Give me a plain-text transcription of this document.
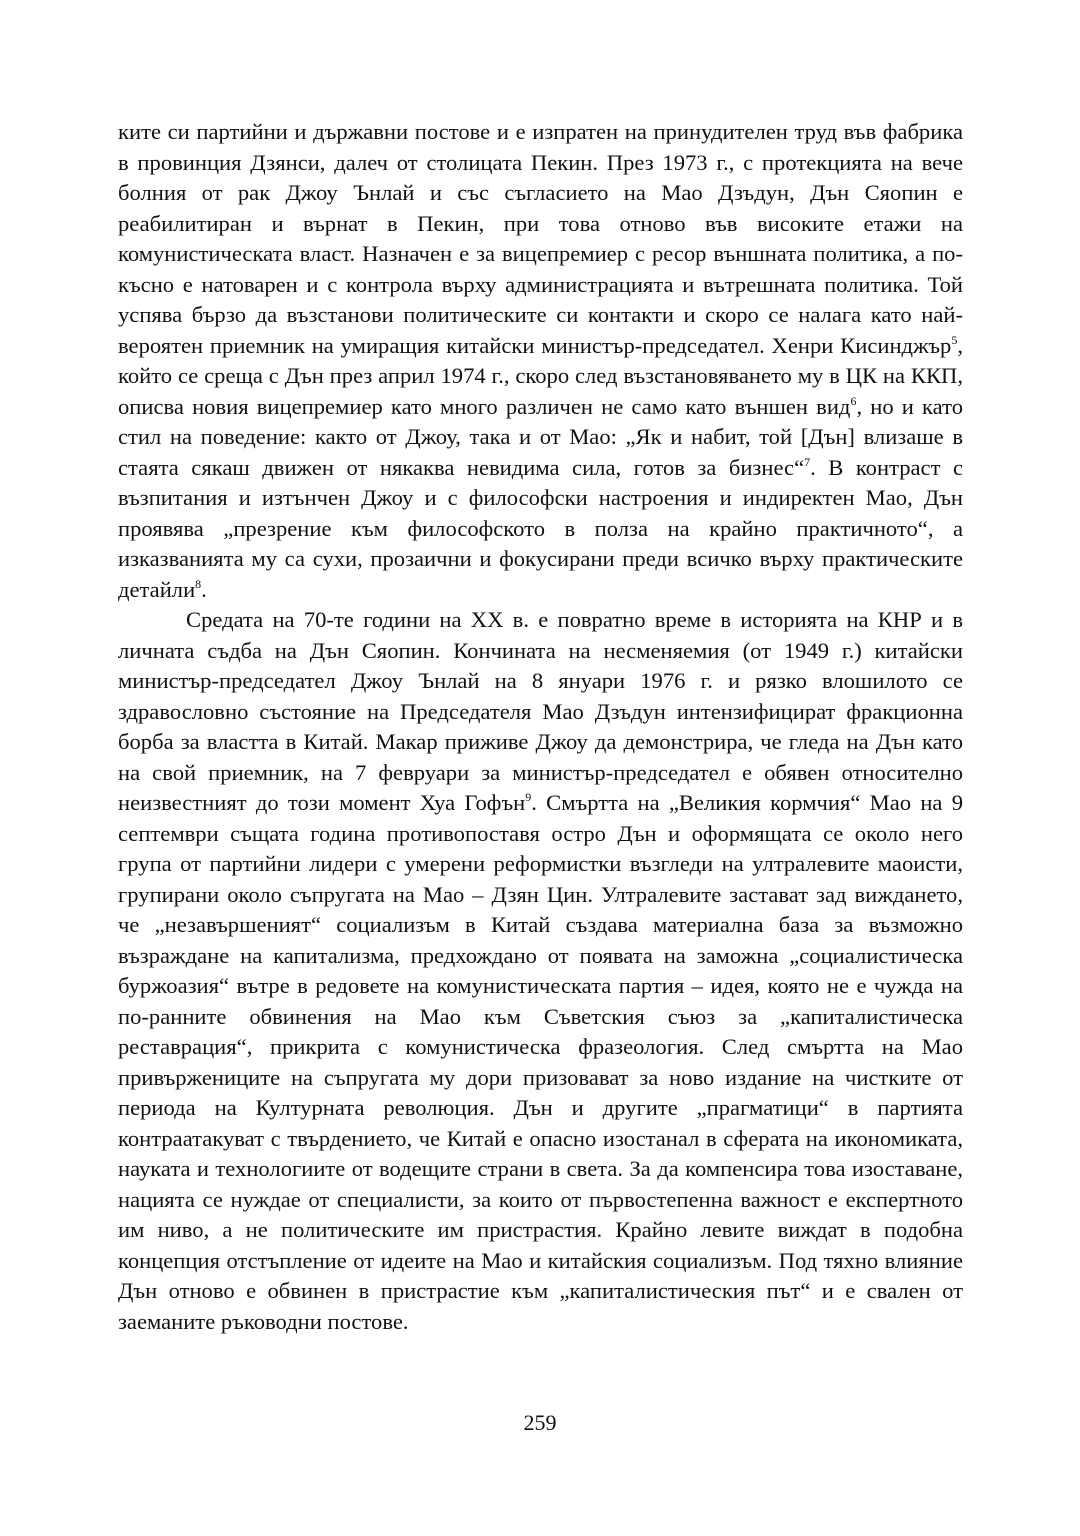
ките си партийни и държавни постове и е изпратен на принудителен труд във фабрика в провинция Дзянси, далеч от столицата Пекин. През 1973 г., с протекцията на вече болния от рак Джоу Ънлай и със съгласието на Мао Дзъдун, Дън Сяопин е реабилитиран и върнат в Пекин, при това отново във високите етажи на комунистическата власт. Назначен е за вицепремиер с ресор външната политика, а по-късно е натоварен и с контрола върху администрацията и вътрешната политика. Той успява бързо да възстанови политическите си контакти и скоро се налага като най-вероятен приемник на умиращия китайски министър-председател. Хенри Кисинджър$^5$, който се среща с Дън през април 1974 г., скоро след възстановяването му в ЦК на ККП, описва новия вицепремиер като много различен не само като външен вид$^6$, но и като стил на поведение: както от Джоу, така и от Мао: „Як и набит, той [Дън] влизаше в стаята сякаш движен от някаква невидима сила, готов за бизнес“$^7$. В контраст с възпитания и изтънчен Джоу и с философски настроения и индиректен Мао, Дън проявява „презрение към философското в полза на крайно практичното“, а изказванията му са сухи, прозаични и фокусирани преди всичко върху практическите детайли$^8$.

Средата на 70-те години на XX в. е повратно време в историята на КНР и в личната съдба на Дън Сяопин. Кончината на несменяемия (от 1949 г.) китайски министър-председател Джоу Ънлай на 8 януари 1976 г. и рязко влошилото се здравословно състояние на Председателя Мао Дзъдун интензифицират фракционна борба за властта в Китай. Макар приживе Джоу да демонстрира, че гледа на Дън като на свой приемник, на 7 февруари за министър-председател е обявен относително неизвестният до този момент Хуа Гофън$^9$. Смъртта на „Великия кормчия“ Мао на 9 септември същата година противопоставя остро Дън и оформящата се около него група от партийни лидери с умерени реформистки възгледи на ултралевите маоисти, групирани около съпругата на Мао – Дзян Цин. Ултралевите застават зад виждането, че „незавършеният“ социализъм в Китай създава материална база за възможно възраждане на капитализма, предхождано от появата на заможна „социалистическа буржоазия“ вътре в редовете на комунистическата партия – идея, която не е чужда на по-ранните обвинения на Мао към Съветския съюз за „капиталистическа реставрация“, прикрита с комунистическа фразеология. След смъртта на Мао привържениците на съпругата му дори призовават за ново издание на чистките от периода на Културната революция. Дън и другите „прагматици“ в партията контраатакуват с твърдението, че Китай е опасно изостанал в сферата на икономиката, науката и технологиите от водещите страни в света. За да компенсира това изоставане, нацията се нуждае от специалисти, за които от първостепенна важност е експертното им ниво, а не политическите им пристрастия. Крайно левите виждат в подобна концепция отстъпление от идеите на Мао и китайския социализъм. Под тяхно влияние Дън отново е обвинен в пристрастие към „капиталистическия път“ и е свален от заеманите ръководни постове.

259
